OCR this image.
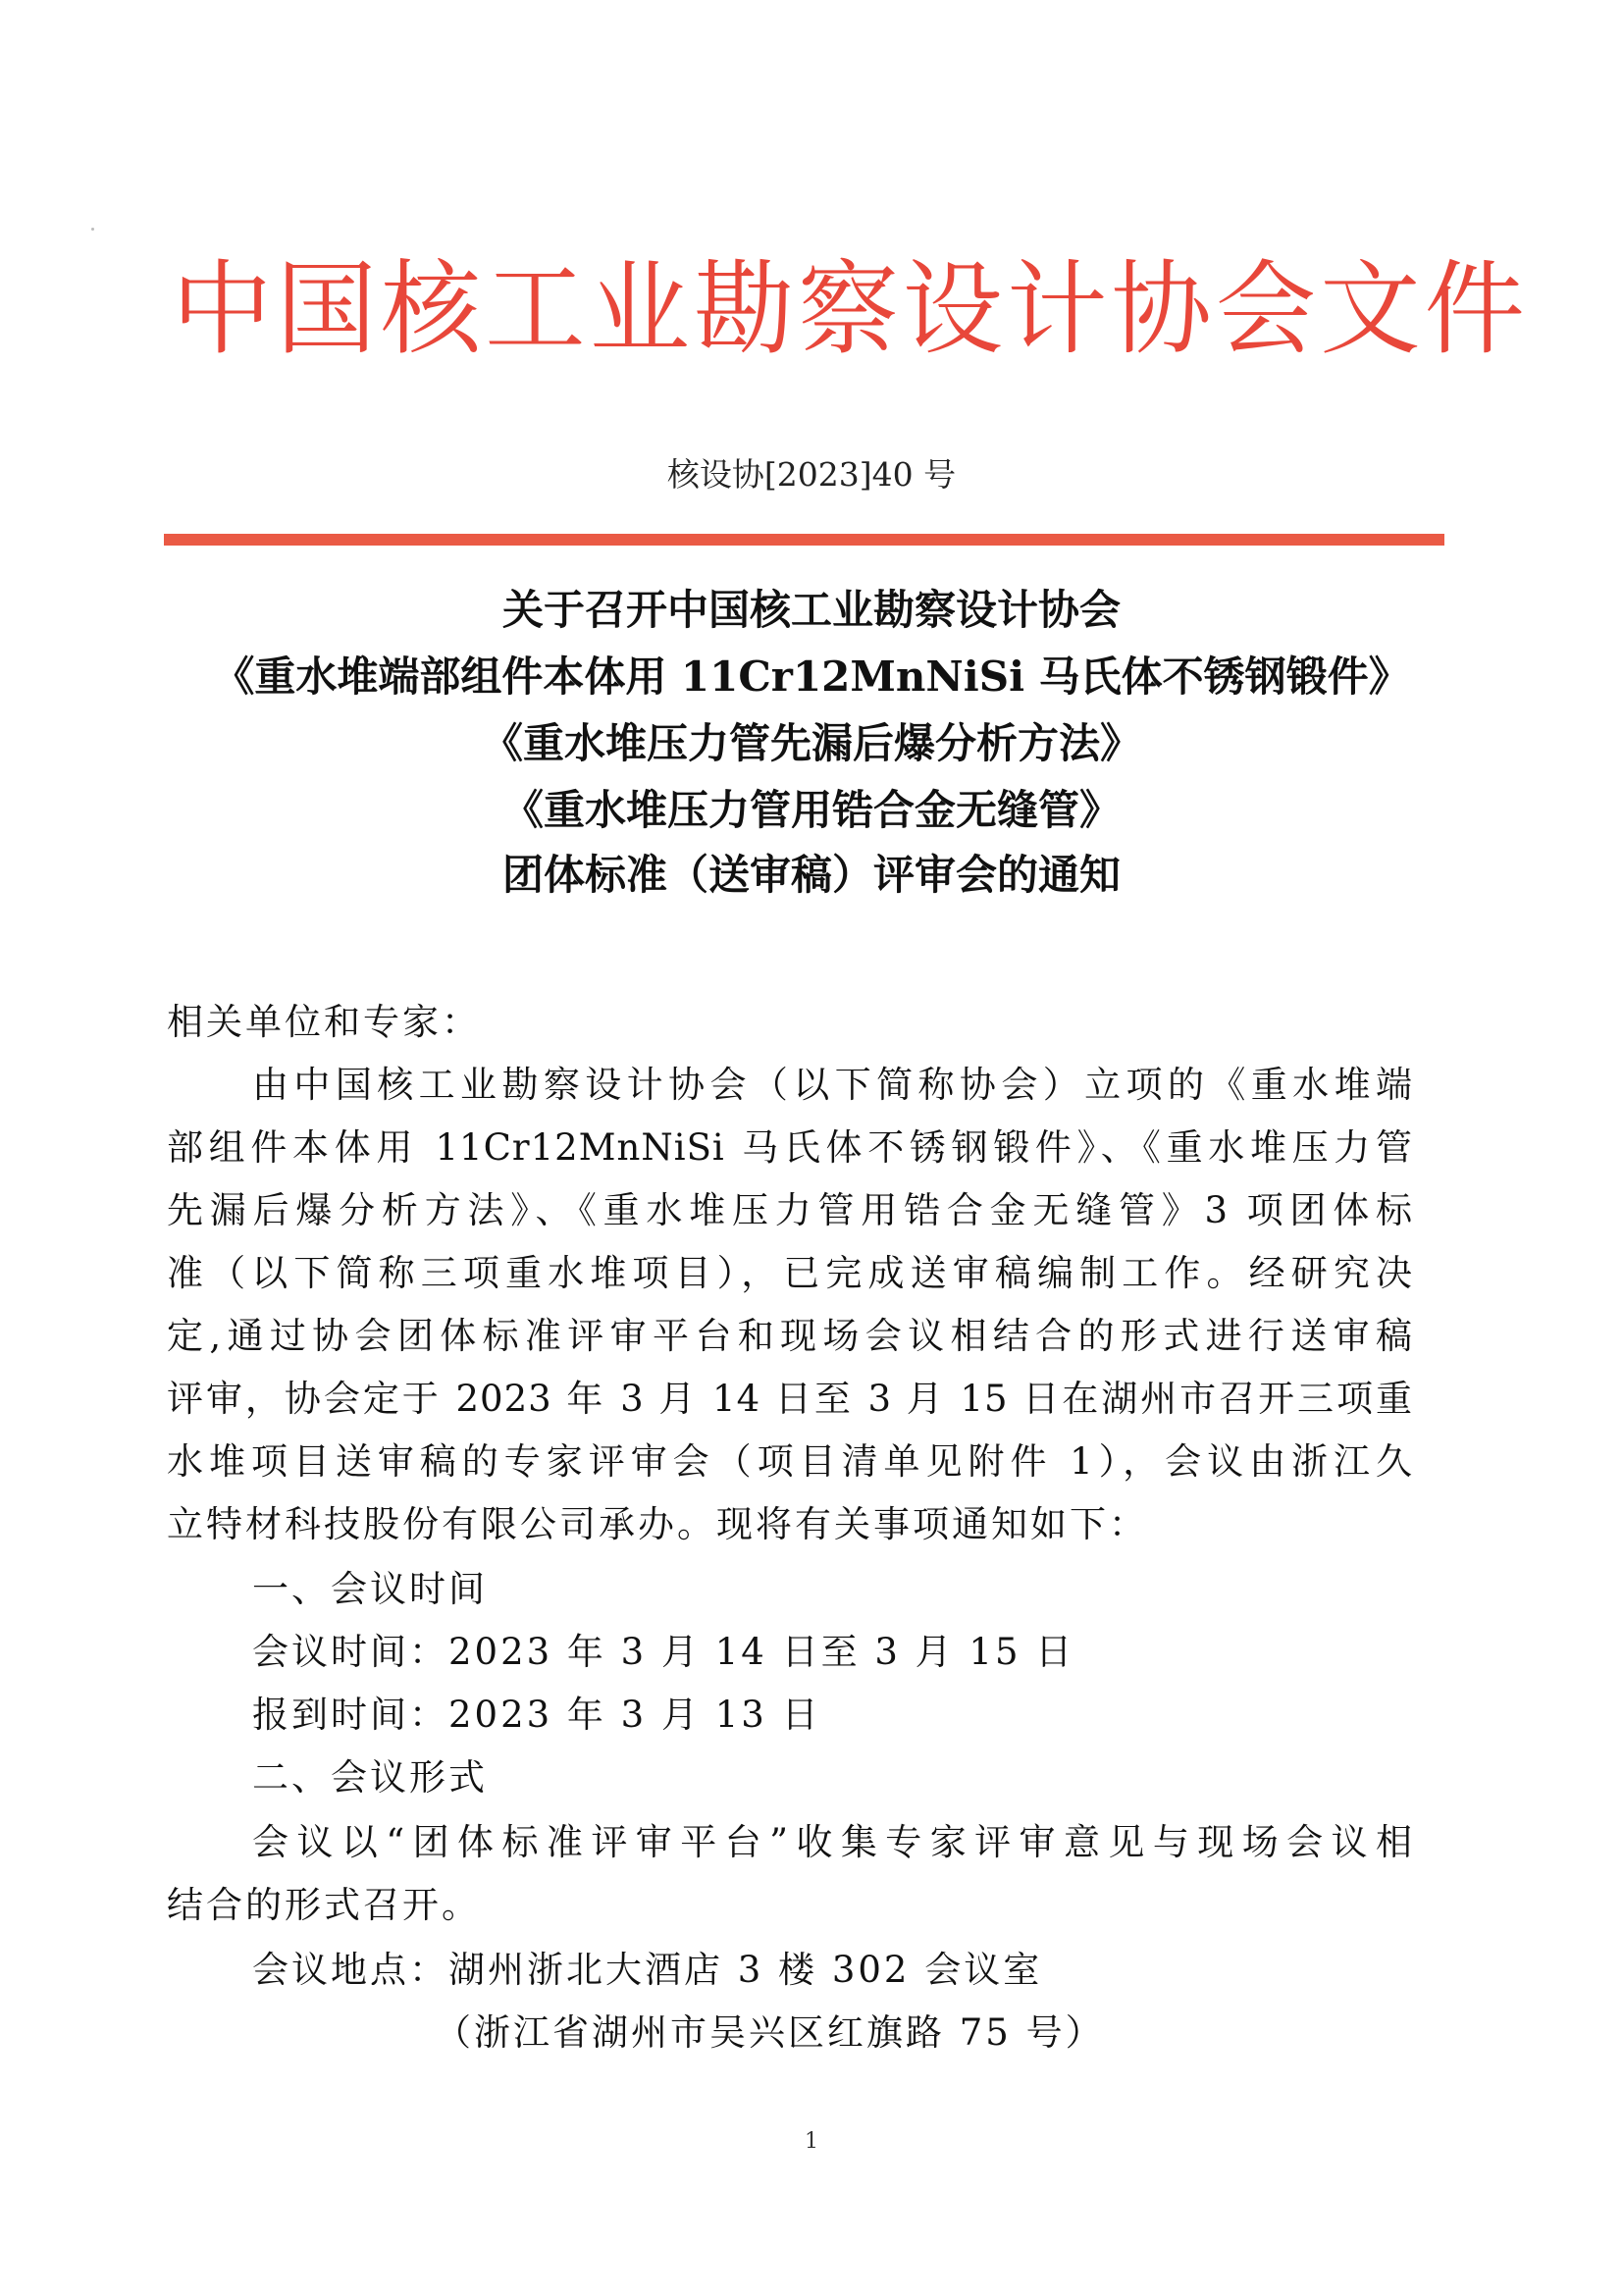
中国核工业勘察设计协会文件
核设协[2023]40 号
关于召开中国核工业勘察设计协会
《重水堆端部组件本体用 11Cr12MnNiSi 马氏体不锈钢锻件》
《重水堆压力管先漏后爆分析方法》
《重水堆压力管用锆合金无缝管》
团体标准（送审稿）评审会的通知
相关单位和专家：
由中国核工业勘察设计协会（以下简称协会）立项的《重水堆端
部组件本体用 11Cr12MnNiSi 马氏体不锈钢锻件》、《重水堆压力管
先漏后爆分析方法》、《重水堆压力管用锆合金无缝管》3 项团体标
准（以下简称三项重水堆项目），已完成送审稿编制工作。经研究决
定,通过协会团体标准评审平台和现场会议相结合的形式进行送审稿
评审，协会定于 2023 年 3 月 14 日至 3 月 15 日在湖州市召开三项重
水堆项目送审稿的专家评审会（项目清单见附件 1），会议由浙江久
立特材科技股份有限公司承办。现将有关事项通知如下：
一、会议时间
会议时间：2023 年 3 月 14 日至 3 月 15 日
报到时间：2023 年 3 月 13 日
二、会议形式
会议以“团体标准评审平台”收集专家评审意见与现场会议相
结合的形式召开。
会议地点：湖州浙北大酒店 3 楼 302 会议室
（浙江省湖州市吴兴区红旗路 75 号）
1
